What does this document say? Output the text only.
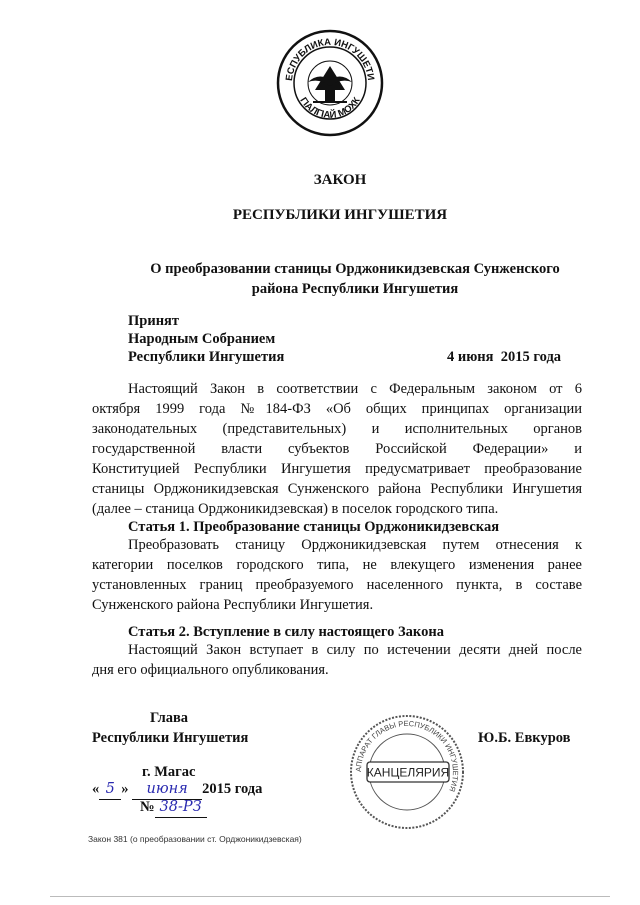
ЕСПУБЛИКА ИНГУШЕТИ
ГIАЛГIАЙ МОХК
ЗАКОН
РЕСПУБЛИКИ ИНГУШЕТИЯ
О преобразовании станицы Орджоникидзевская Сунженского
района Республики Ингушетия
Принят
Народным Собранием
Республики Ингушетия	4 июня  2015 года
Настоящий Закон в соответствии с Федеральным законом от 6
октября 1999 года №184-ФЗ «Об общих принципах организации
законодательных (представительных) и исполнительных органов
государственной власти субъектов Российской Федерации» и
Конституцией Республики Ингушетия предусматривает преобразование
станицы Орджоникидзевская Сунженского района Республики Ингушетия
(далее – станица Орджоникидзевская) в поселок городского типа.
Статья 1. Преобразование станицы Орджоникидзевская
Преобразовать станицу Орджоникидзевская путем отнесения к
категории поселков городского типа, не влекущего изменения ранее
установленных границ преобразуемого населенного пункта, в составе
Сунженского района Республики Ингушетия.
Статья 2. Вступление в силу настоящего Закона
Настоящий Закон вступает в силу по истечении десяти дней после
дня его официального опубликования.
Глава
Республики Ингушетия	Ю.Б. Евкуров
АППАРАТ ГЛАВЫ РЕСПУБЛИКИ ИНГУШЕТИЯ
КАНЦЕЛЯРИЯ
г. Магас
« 5 » июня 2015 года
№ 38-РЗ
Закон 381 (о преобразовании ст. Орджоникидзевская)
